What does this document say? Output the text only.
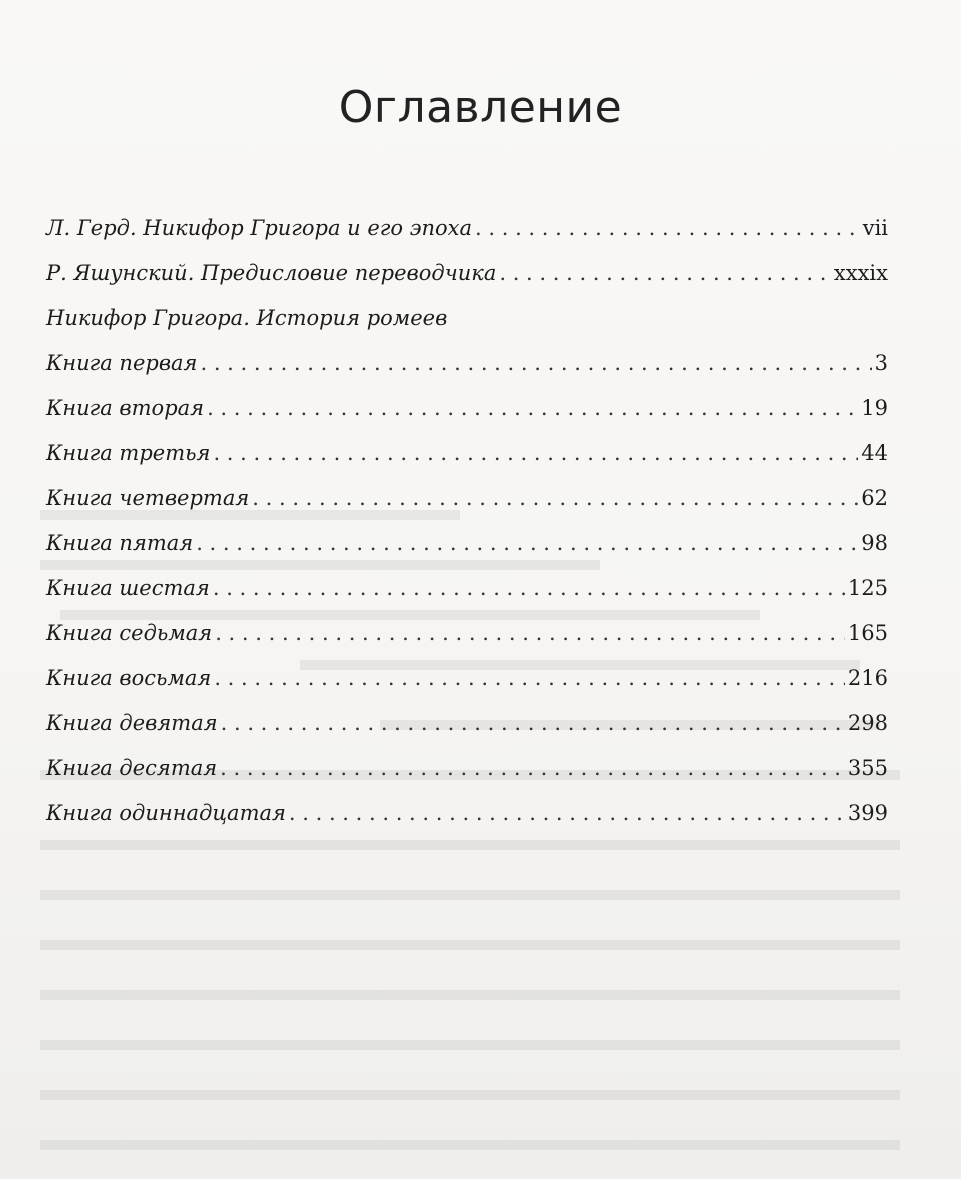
Оглавление
Л. Герд. Никифор Григора и его эпоха . . .	vii
Р. Яшунский. Предисловие переводчика . . .	xxxix
Никифор Григора. История ромеев
Книга первая . . .	3
Книга вторая . . .	19
Книга третья . . .	44
Книга четвертая . . .	62
Книга пятая . . .	98
Книга шестая . . .	125
Книга седьмая . . .	165
Книга восьмая . . .	216
Книга девятая . . .	298
Книга десятая . . .	355
Книга одиннадцатая . . .	399
